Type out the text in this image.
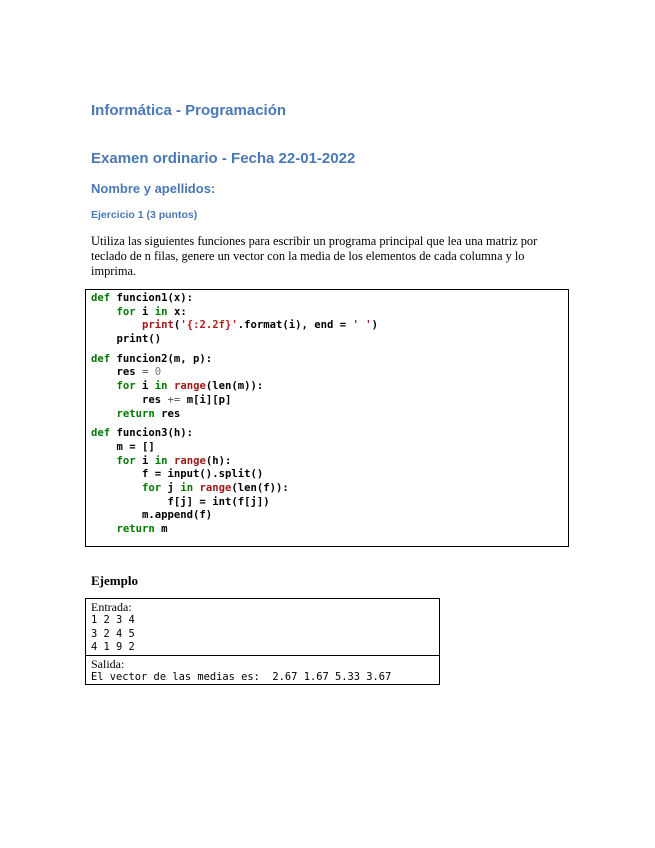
Informática - Programación
Examen ordinario - Fecha 22-01-2022
Nombre y apellidos:
Ejercicio 1 (3 puntos)
Utiliza las siguientes funciones para escribir un programa principal que lea una matriz por teclado de n filas, genere un vector con la media de los elementos de cada columna y lo imprima.
def funcion1(x):
for i in x:
print('{:2.2f}'.format(i), end = ' ')
print()
def funcion2(m, p):
res = 0
for i in range(len(m)):
res += m[i][p]
return res
def funcion3(h):
m = []
for i in range(h):
f = input().split()
for j in range(len(f)):
f[j] = int(f[j])
m.append(f)
return m
Ejemplo
Entrada:
1 2 3 4
3 2 4 5
4 1 9 2
Salida:
El vector de las medias es:  2.67 1.67 5.33 3.67
